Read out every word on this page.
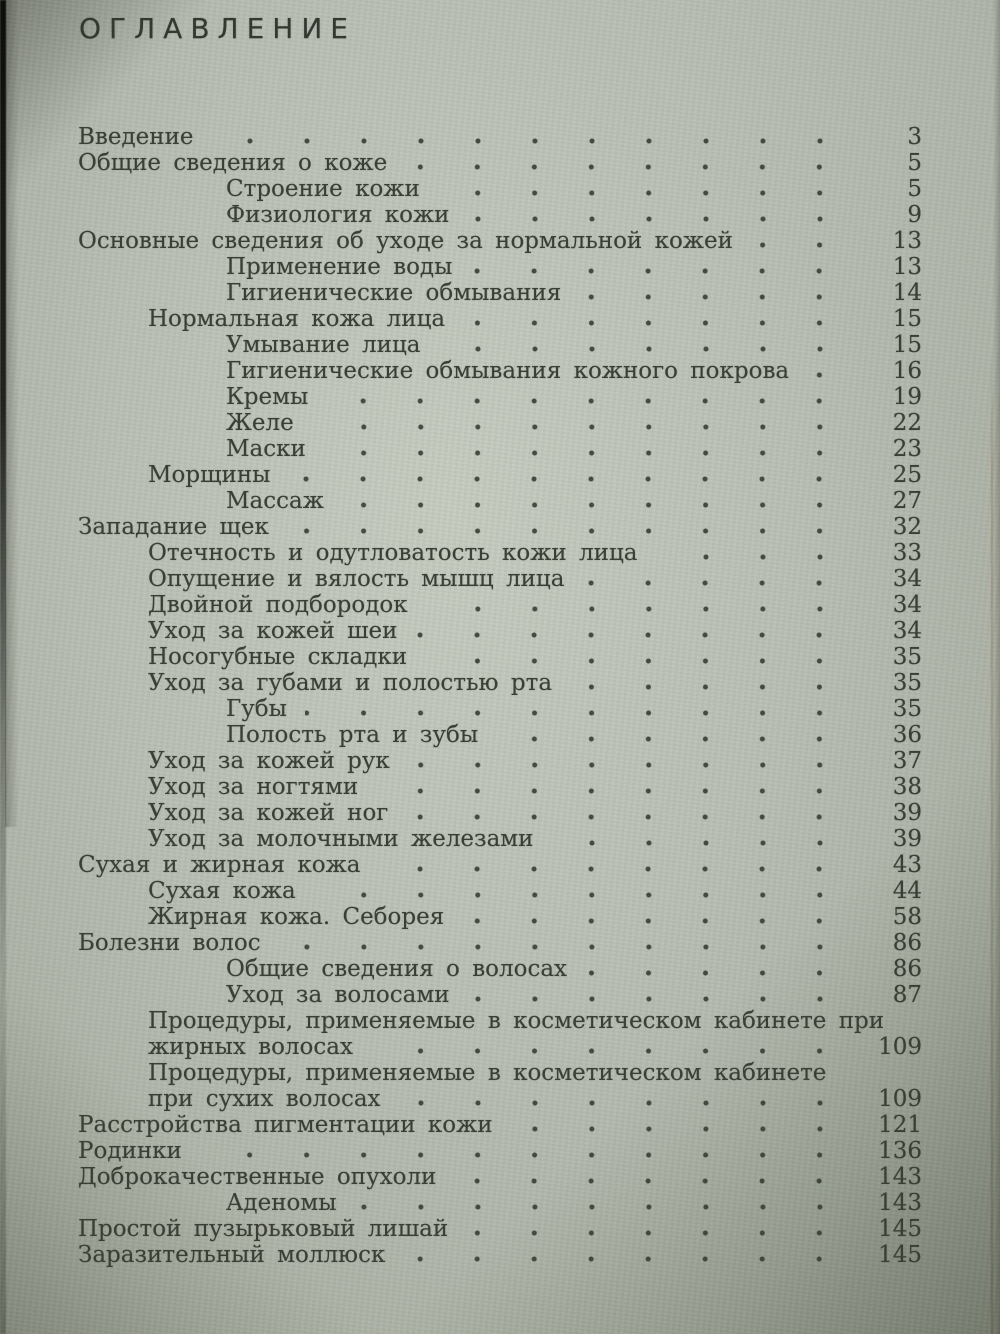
ОГЛАВЛЕНИЕ
Введение	3
Общие сведения о коже	5
Строение кожи	5
Физиология кожи	9
Основные сведения об уходе за нормальной кожей	13
Применение воды	13
Гигиенические обмывания	14
Нормальная кожа лица	15
Умывание лица	15
Гигиенические обмывания кожного покрова	16
Кремы	19
Желе	22
Маски	23
Морщины	25
Массаж	27
Западание щек	32
Отечность и одутловатость кожи лица	33
Опущение и вялость мышц лица	34
Двойной подбородок	34
Уход за кожей шеи	34
Носогубные складки	35
Уход за губами и полостью рта	35
Губы	35
Полость рта и зубы	36
Уход за кожей рук	37
Уход за ногтями	38
Уход за кожей ног	39
Уход за молочными железами	39
Сухая и жирная кожа	43
Сухая кожа	44
Жирная кожа. Себорея	58
Болезни волос	86
Общие сведения о волосах	86
Уход за волосами	87
Процедуры, применяемые в косметическом кабинете при
жирных волосах	109
Процедуры, применяемые в косметическом кабинете
при сухих волосах	109
Расстройства пигментации кожи	121
Родинки	136
Доброкачественные опухоли	143
Аденомы	143
Простой пузырьковый лишай	145
Заразительный моллюск	145
